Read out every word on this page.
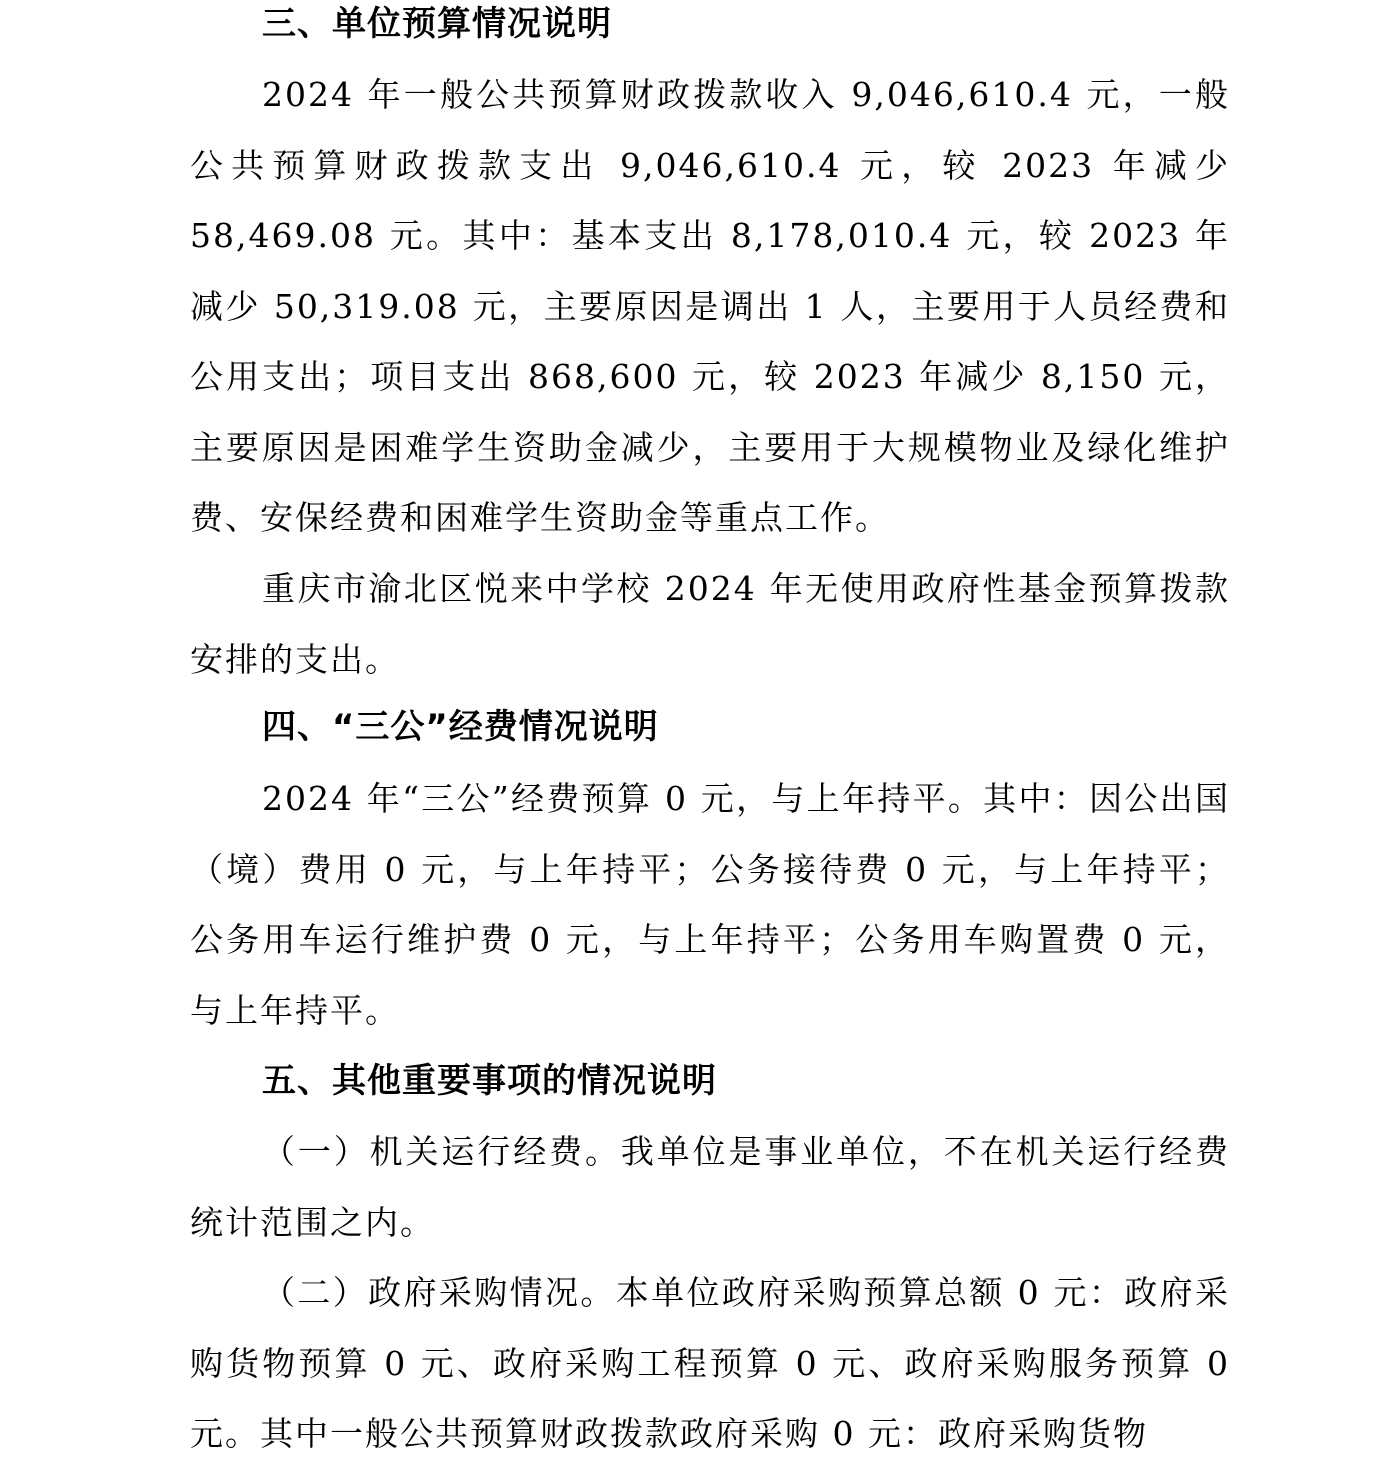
三、单位预算情况说明

2024 年一般公共预算财政拨款收入 9,046,610.4 元，一般公共预算财政拨款支出 9,046,610.4 元，较 2023 年减少 58,469.08 元。其中：基本支出 8,178,010.4 元，较 2023 年减少 50,319.08 元，主要原因是调出 1 人，主要用于人员经费和公用支出；项目支出 868,600 元，较 2023 年减少 8,150 元，主要原因是困难学生资助金减少，主要用于大规模物业及绿化维护费、安保经费和困难学生资助金等重点工作。

重庆市渝北区悦来中学校 2024 年无使用政府性基金预算拨款安排的支出。

四、“三公”经费情况说明

2024 年“三公”经费预算 0 元，与上年持平。其中：因公出国（境）费用 0 元，与上年持平；公务接待费 0 元，与上年持平；公务用车运行维护费 0 元，与上年持平；公务用车购置费 0 元，与上年持平。

五、其他重要事项的情况说明

（一）机关运行经费。我单位是事业单位，不在机关运行经费统计范围之内。

（二）政府采购情况。本单位政府采购预算总额 0 元：政府采购货物预算 0 元、政府采购工程预算 0 元、政府采购服务预算 0 元。其中一般公共预算财政拨款政府采购 0 元：政府采购货物
